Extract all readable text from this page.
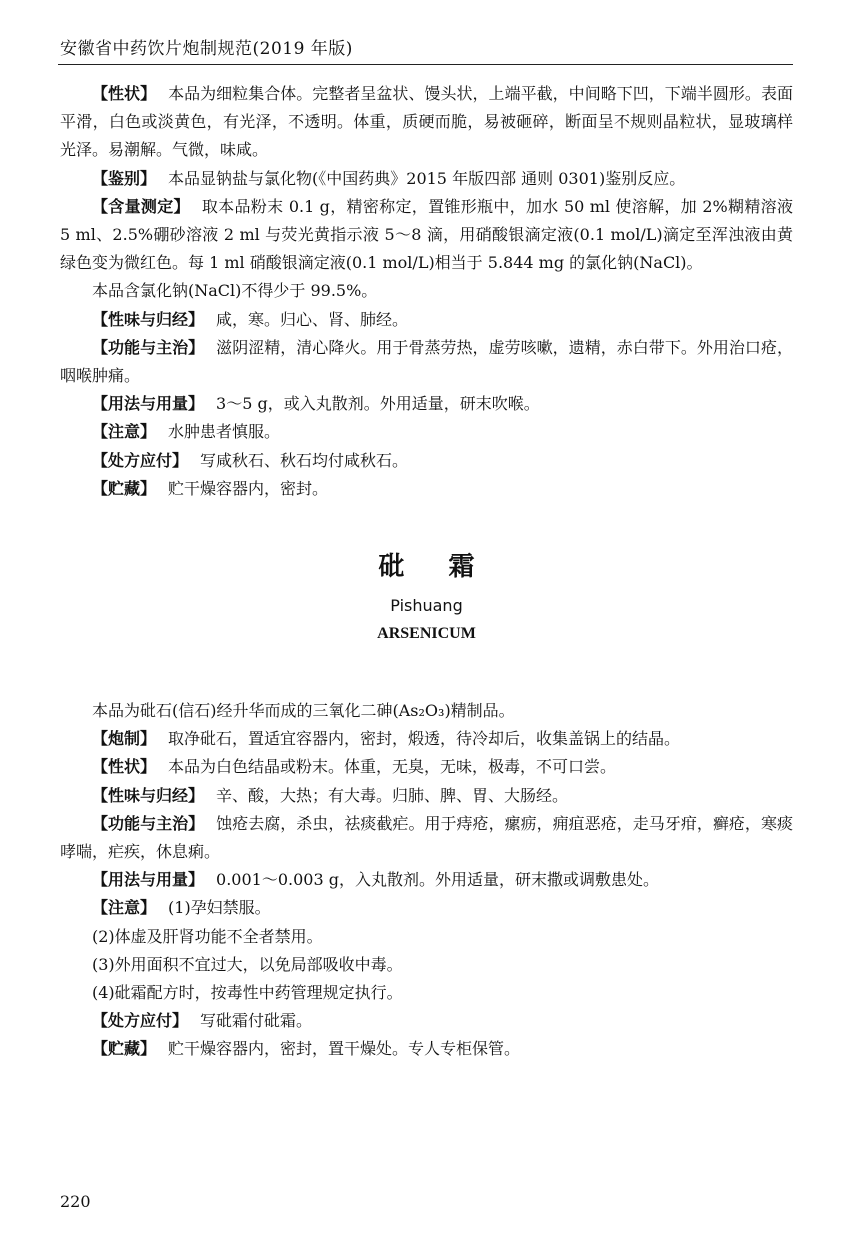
安徽省中药饮片炮制规范(2019 年版)

【性状】 本品为细粒集合体。完整者呈盆状、馒头状，上端平截，中间略下凹，下端半圆形。表面平滑，白色或淡黄色，有光泽，不透明。体重，质硬而脆，易被砸碎，断面呈不规则晶粒状，显玻璃样光泽。易潮解。气微，味咸。

【鉴别】 本品显钠盐与氯化物(《中国药典》2015 年版四部 通则 0301)鉴别反应。

【含量测定】 取本品粉末 0.1 g，精密称定，置锥形瓶中，加水 50 ml 使溶解，加 2%糊精溶液 5 ml、2.5%硼砂溶液 2 ml 与荧光黄指示液 5～8 滴，用硝酸银滴定液(0.1 mol/L)滴定至浑浊液由黄绿色变为微红色。每 1 ml 硝酸银滴定液(0.1 mol/L)相当于 5.844 mg 的氯化钠(NaCl)。

本品含氯化钠(NaCl)不得少于 99.5%。

【性味与归经】 咸，寒。归心、肾、肺经。

【功能与主治】 滋阴涩精，清心降火。用于骨蒸劳热，虚劳咳嗽，遗精，赤白带下。外用治口疮，咽喉肿痛。

【用法与用量】 3～5 g，或入丸散剂。外用适量，研末吹喉。

【注意】 水肿患者慎服。

【处方应付】 写咸秋石、秋石均付咸秋石。

【贮藏】 贮干燥容器内，密封。

砒霜
Pishuang
ARSENICUM

本品为砒石(信石)经升华而成的三氧化二砷(As₂O₃)精制品。

【炮制】 取净砒石，置适宜容器内，密封，煅透，待冷却后，收集盖锅上的结晶。

【性状】 本品为白色结晶或粉末。体重，无臭，无味，极毒，不可口尝。

【性味与归经】 辛、酸，大热；有大毒。归肺、脾、胃、大肠经。

【功能与主治】 蚀疮去腐，杀虫，祛痰截疟。用于痔疮，瘰疬，痈疽恶疮，走马牙疳，癣疮，寒痰哮喘，疟疾，休息痢。

【用法与用量】 0.001～0.003 g，入丸散剂。外用适量，研末撒或调敷患处。

【注意】 (1)孕妇禁服。

(2)体虚及肝肾功能不全者禁用。

(3)外用面积不宜过大，以免局部吸收中毒。

(4)砒霜配方时，按毒性中药管理规定执行。

【处方应付】 写砒霜付砒霜。

【贮藏】 贮干燥容器内，密封，置干燥处。专人专柜保管。

220
